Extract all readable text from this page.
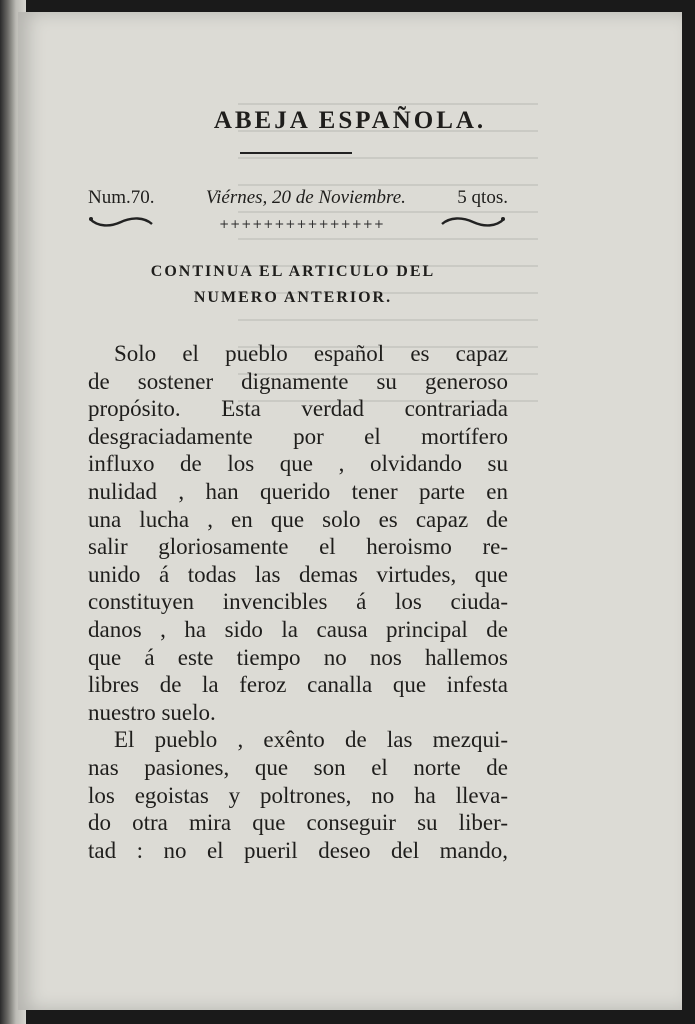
ABEJA ESPAÑOLA.
Num.70.	Viérnes, 20 de Noviembre.	5 qtos.
+++++++++++++++
CONTINUA EL ARTICULO DEL
NUMERO ANTERIOR.
Solo el pueblo español es capaz
de sostener dignamente su generoso
propósito. Esta verdad contrariada
desgraciadamente por el mortífero
influxo de los que , olvidando su
nulidad , han querido tener parte en
una lucha , en que solo es capaz de
salir gloriosamente el heroismo re-
unido á todas las demas virtudes, que
constituyen invencibles á los ciuda-
danos , ha sido la causa principal de
que á este tiempo no nos hallemos
libres de la feroz canalla que infesta
nuestro suelo.
El pueblo , exênto de las mezqui-
nas pasiones, que son el norte de
los egoistas y poltrones, no ha lleva-
do otra mira que conseguir su liber-
tad : no el pueril deseo del mando,
